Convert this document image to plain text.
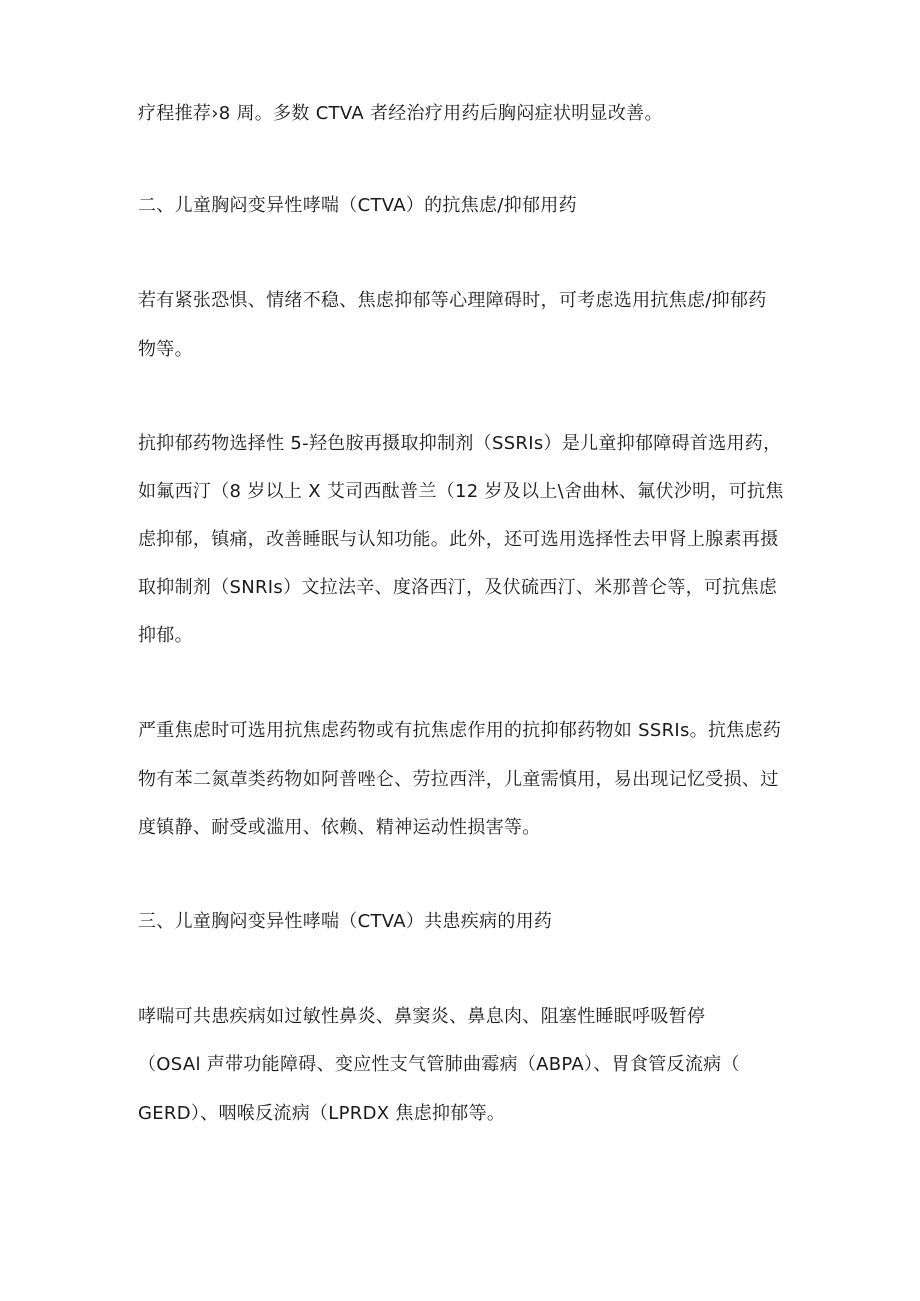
疗程推荐›8 周。多数 CTVA 者经治疗用药后胸闷症状明显改善。
二、儿童胸闷变异性哮喘（CTVA）的抗焦虑/抑郁用药
若有紧张恐惧、情绪不稳、焦虑抑郁等心理障碍时，可考虑选用抗焦虑/抑郁药
物等。
抗抑郁药物选择性 5-羟色胺再摄取抑制剂（SSRIs）是儿童抑郁障碍首选用药，
如氟西汀（8 岁以上 X 艾司西酞普兰（12 岁及以上\舍曲林、氟伏沙明，可抗焦
虑抑郁，镇痛，改善睡眠与认知功能。此外，还可选用选择性去甲肾上腺素再摄
取抑制剂（SNRIs）文拉法辛、度洛西汀，及伏硫西汀、米那普仑等，可抗焦虑
抑郁。
严重焦虑时可选用抗焦虑药物或有抗焦虑作用的抗抑郁药物如 SSRIs。抗焦虑药
物有苯二氮䓬类药物如阿普唑仑、劳拉西泮，儿童需慎用，易出现记忆受损、过
度镇静、耐受或滥用、依赖、精神运动性损害等。
三、儿童胸闷变异性哮喘（CTVA）共患疾病的用药
哮喘可共患疾病如过敏性鼻炎、鼻窦炎、鼻息肉、阻塞性睡眠呼吸暂停
（OSAl 声带功能障碍、变应性支气管肺曲霉病（ABPA）、胃食管反流病（
GERD）、咽喉反流病（LPRDX 焦虑抑郁等。
